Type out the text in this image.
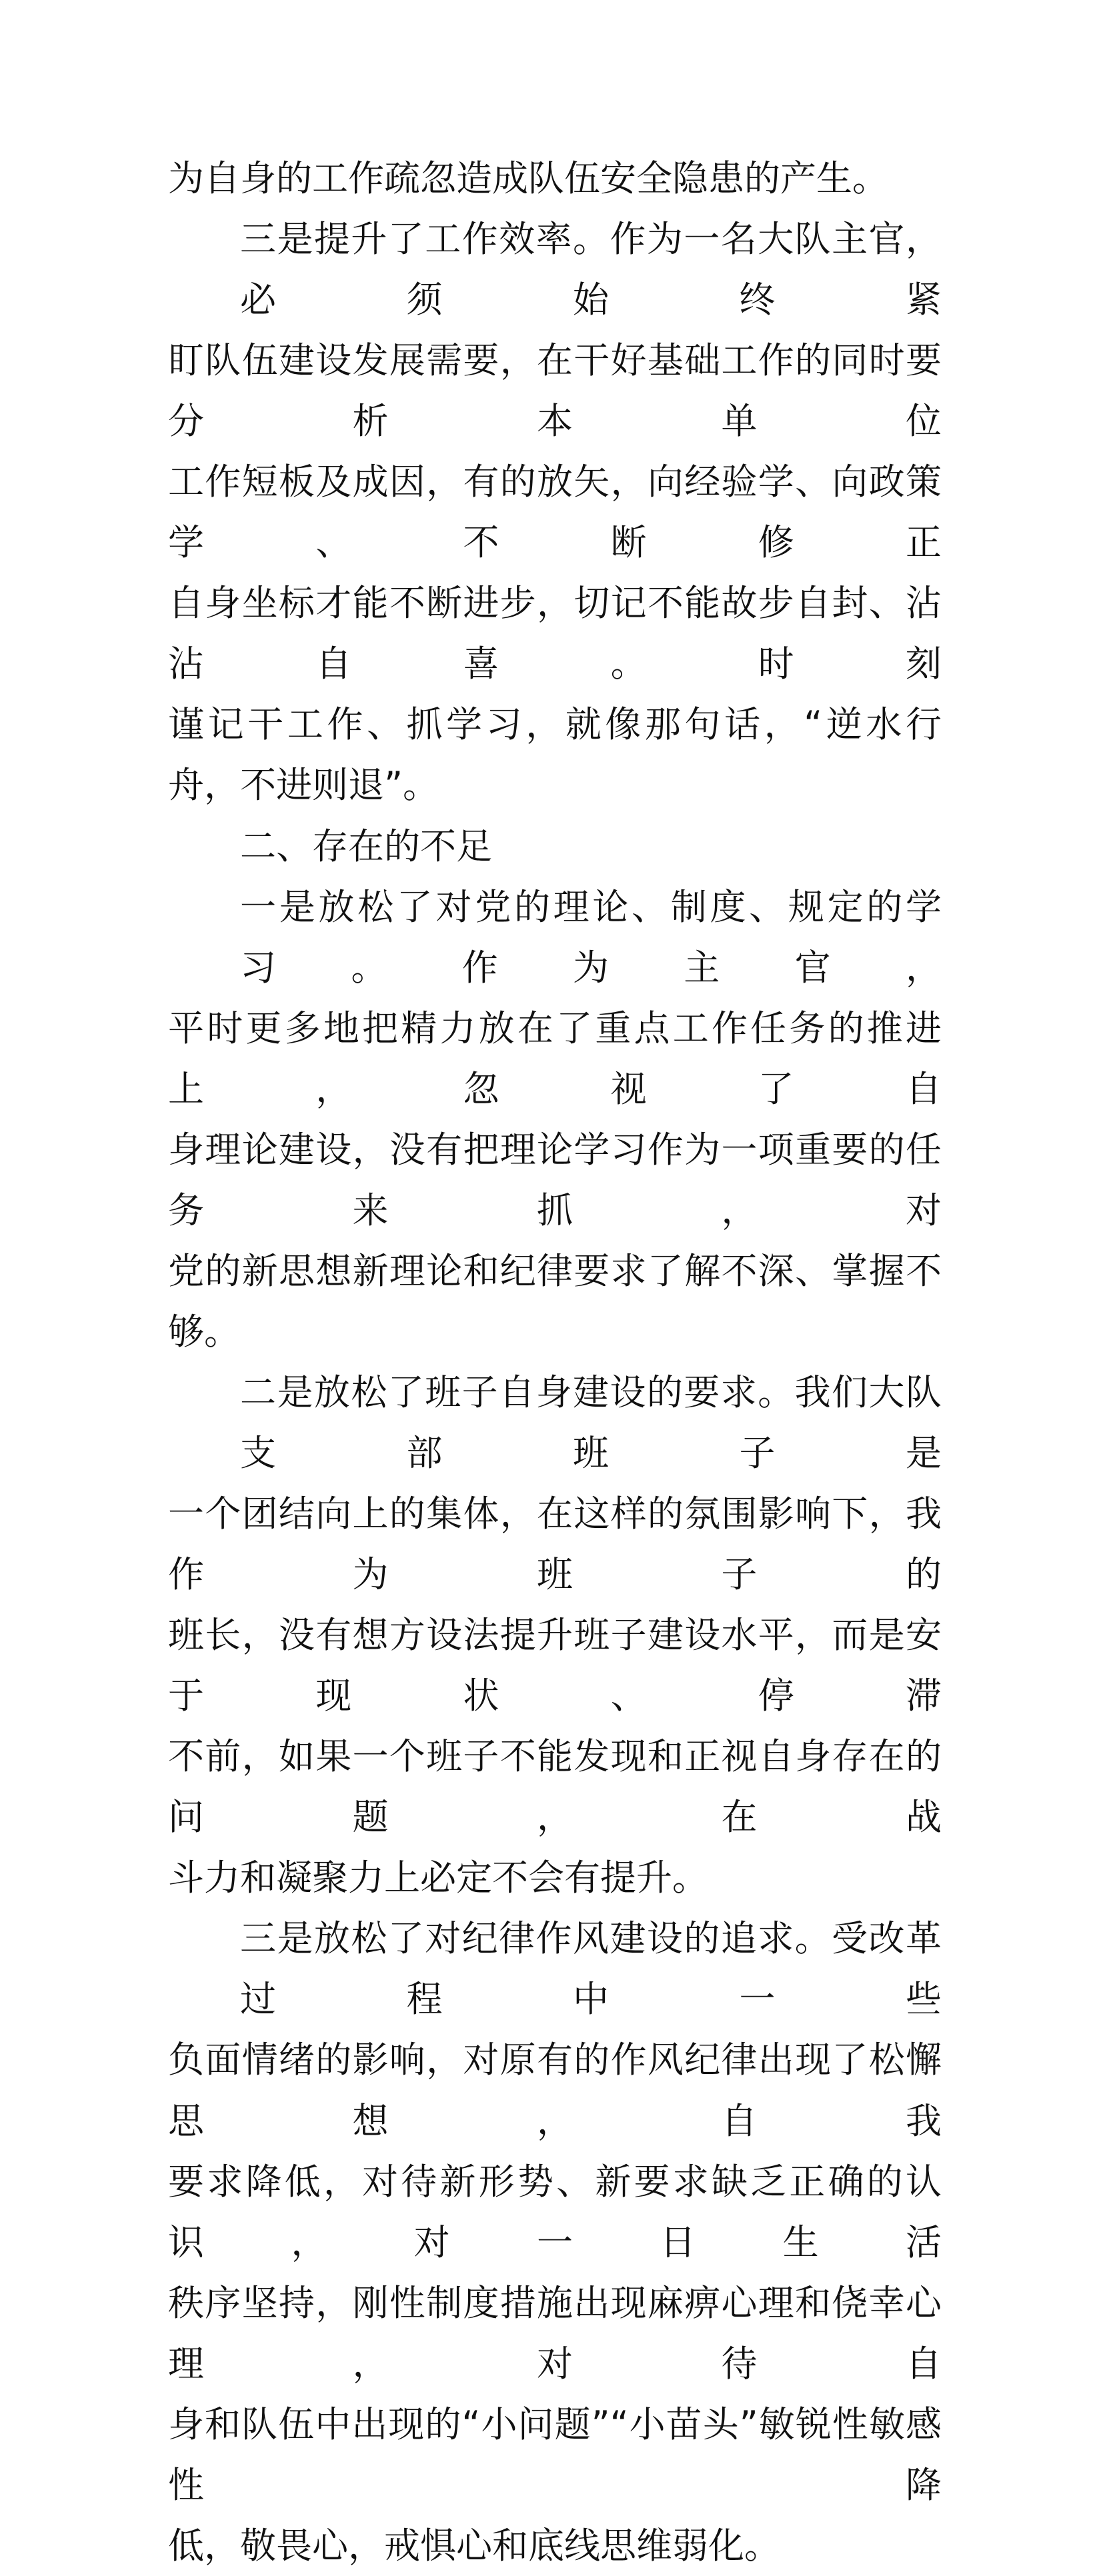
为自身的工作疏忽造成队伍安全隐患的产生。
三是提升了工作效率。作为一名大队主官，必须始终紧
盯队伍建设发展需要，在干好基础工作的同时要分析本单位
工作短板及成因，有的放矢，向经验学、向政策学、不断修正
自身坐标才能不断进步，切记不能故步自封、沾沾自喜。时刻
谨记干工作、抓学习，就像那句话，“逆水行舟，不进则退”。
二、存在的不足
一是放松了对党的理论、制度、规定的学习。作为主官，
平时更多地把精力放在了重点工作任务的推进上，忽视了自
身理论建设，没有把理论学习作为一项重要的任务来抓，对
党的新思想新理论和纪律要求了解不深、掌握不够。
二是放松了班子自身建设的要求。我们大队支部班子是
一个团结向上的集体，在这样的氛围影响下，我作为班子的
班长，没有想方设法提升班子建设水平，而是安于现状、停滞
不前，如果一个班子不能发现和正视自身存在的问题，在战
斗力和凝聚力上必定不会有提升。
三是放松了对纪律作风建设的追求。受改革过程中一些
负面情绪的影响，对原有的作风纪律出现了松懈思想，自我
要求降低，对待新形势、新要求缺乏正确的认识，对一日生活
秩序坚持，刚性制度措施出现麻痹心理和侥幸心理，对待自
身和队伍中出现的“小问题”“小苗头”敏锐性敏感性降
低，敬畏心，戒惧心和底线思维弱化。
